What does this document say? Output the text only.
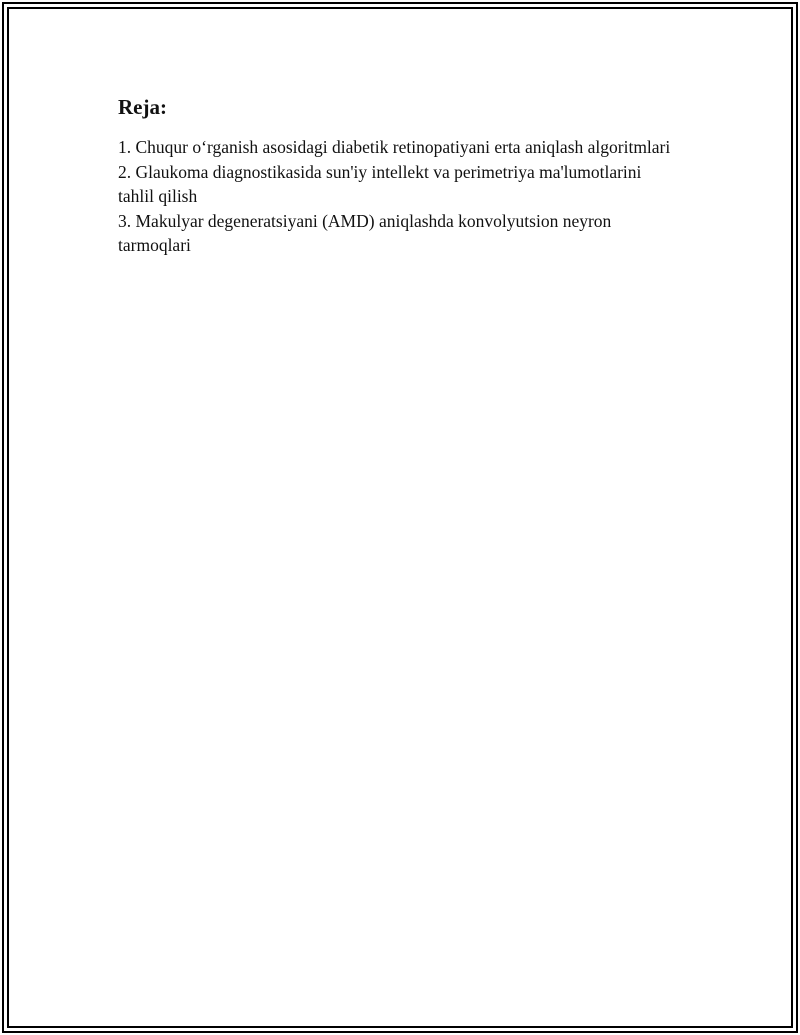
Reja:
1. Chuqur o‘rganish asosidagi diabetik retinopatiyani erta aniqlash algoritmlari
2. Glaukoma diagnostikasida sun'iy intellekt va perimetriya ma'lumotlarini tahlil qilish
3. Makulyar degeneratsiyani (AMD) aniqlashda konvolyutsion neyron tarmoqlari
